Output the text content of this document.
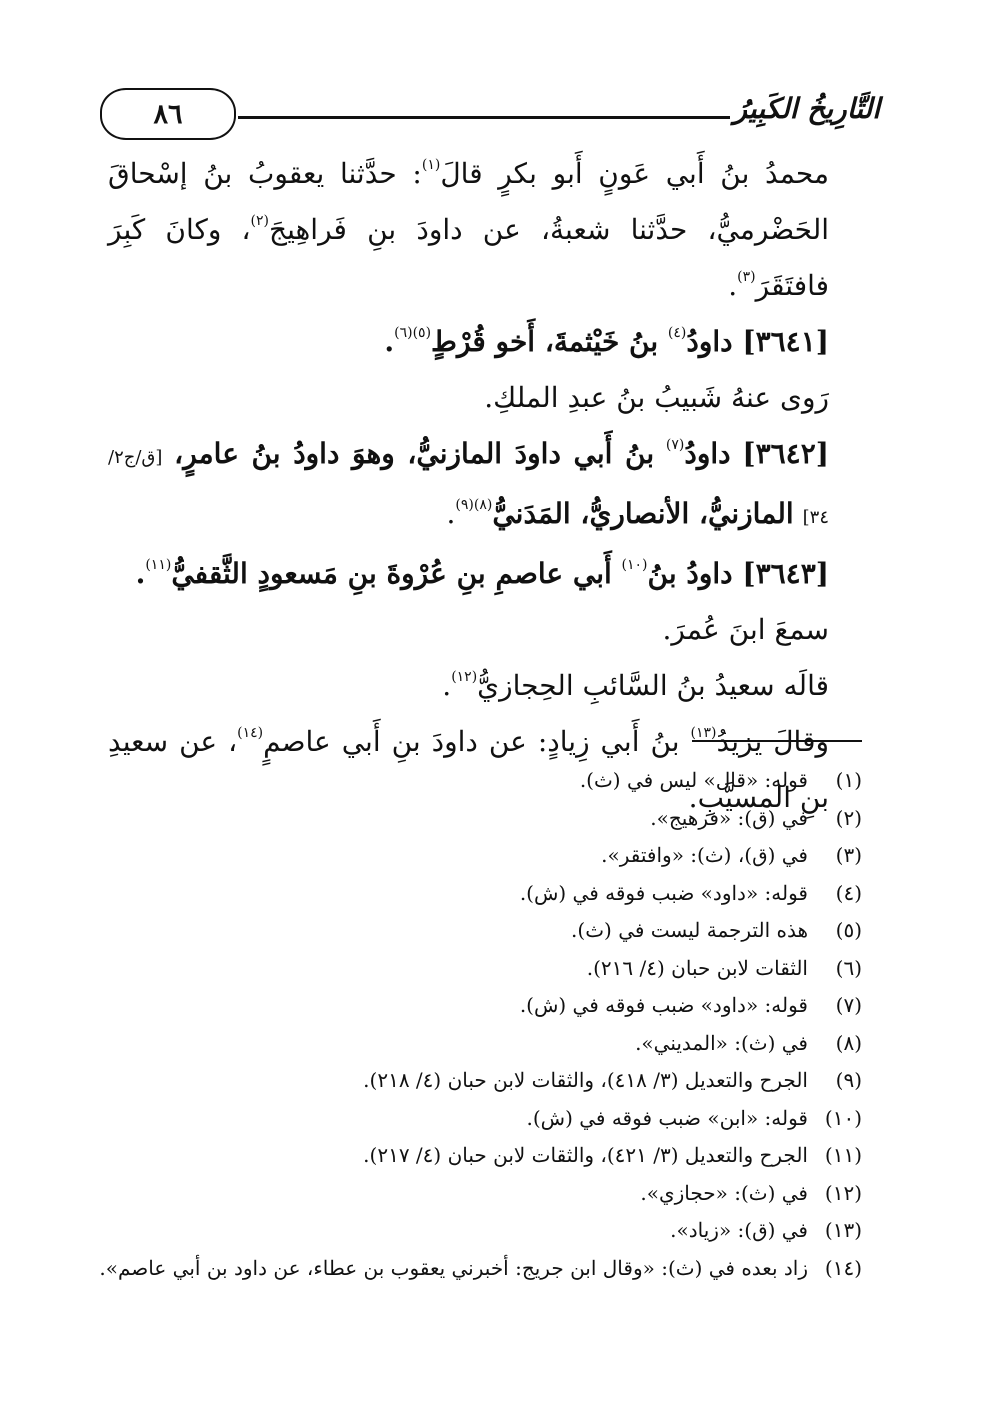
التَّارِيخُ الكَبِيرُ
٨٦

محمدُ بنُ أَبي عَونٍ أَبو بكرٍ قالَ$^{(١)}$: حدَّثنا يعقوبُ بنُ إسْحاقَ الحَضْرميُّ، حدَّثنا شعبةُ، عن داودَ بنِ فَراهِيجَ$^{(٢)}$، وكانَ كَبِرَ فافتَقَرَ$^{(٣)}$.

[٣٦٤١] داودُ$^{(٤)}$ بنُ خَيْثمةَ، أَخو قُرْطٍ$^{(٥)(٦)}$.

رَوى عنهُ شَبيبُ بنُ عبدِ الملكِ.

[٣٦٤٢] داودُ$^{(٧)}$ بنُ أَبي داودَ المازنيُّ، وهوَ داودُ بنُ عامرٍ، [ق/ج٢/ ٣٤] المازنيُّ، الأنصاريُّ، المَدَنيُّ$^{(٨)(٩)}$.

[٣٦٤٣] داودُ بنُ$^{(١٠)}$ أَبي عاصمِ بنِ عُرْوةَ بنِ مَسعودٍ الثَّقفيُّ$^{(١١)}$.

سمعَ ابنَ عُمرَ.

قالَه سعيدُ بنُ السَّائبِ الحِجازيُّ$^{(١٢)}$.

وقالَ يزيدُ$^{(١٣)}$ بنُ أَبي زِيادٍ: عن داودَ بنِ أَبي عاصمٍ$^{(١٤)}$، عن سعيدِ بنِ المسيَّبِ.

(١)
قوله: «قال» ليس في (ث).
(٢)
في (ق): «فرهيج».
(٣)
في (ق)، (ث): «وافتقر».
(٤)
قوله: «داود» ضبب فوقه في (ش).
(٥)
هذه الترجمة ليست في (ث).
(٦)
الثقات لابن حبان (٤/ ٢١٦).
(٧)
قوله: «داود» ضبب فوقه في (ش).
(٨)
في (ث): «المديني».
(٩)
الجرح والتعديل (٣/ ٤١٨)، والثقات لابن حبان (٤/ ٢١٨).
(١٠)
قوله: «ابن» ضبب فوقه في (ش).
(١١)
الجرح والتعديل (٣/ ٤٢١)، والثقات لابن حبان (٤/ ٢١٧).
(١٢)
في (ث): «حجازي».
(١٣)
في (ق): «زياد».
(١٤)
زاد بعده في (ث): «وقال ابن جريج: أخبرني يعقوب بن عطاء، عن داود بن أبي عاصم».
